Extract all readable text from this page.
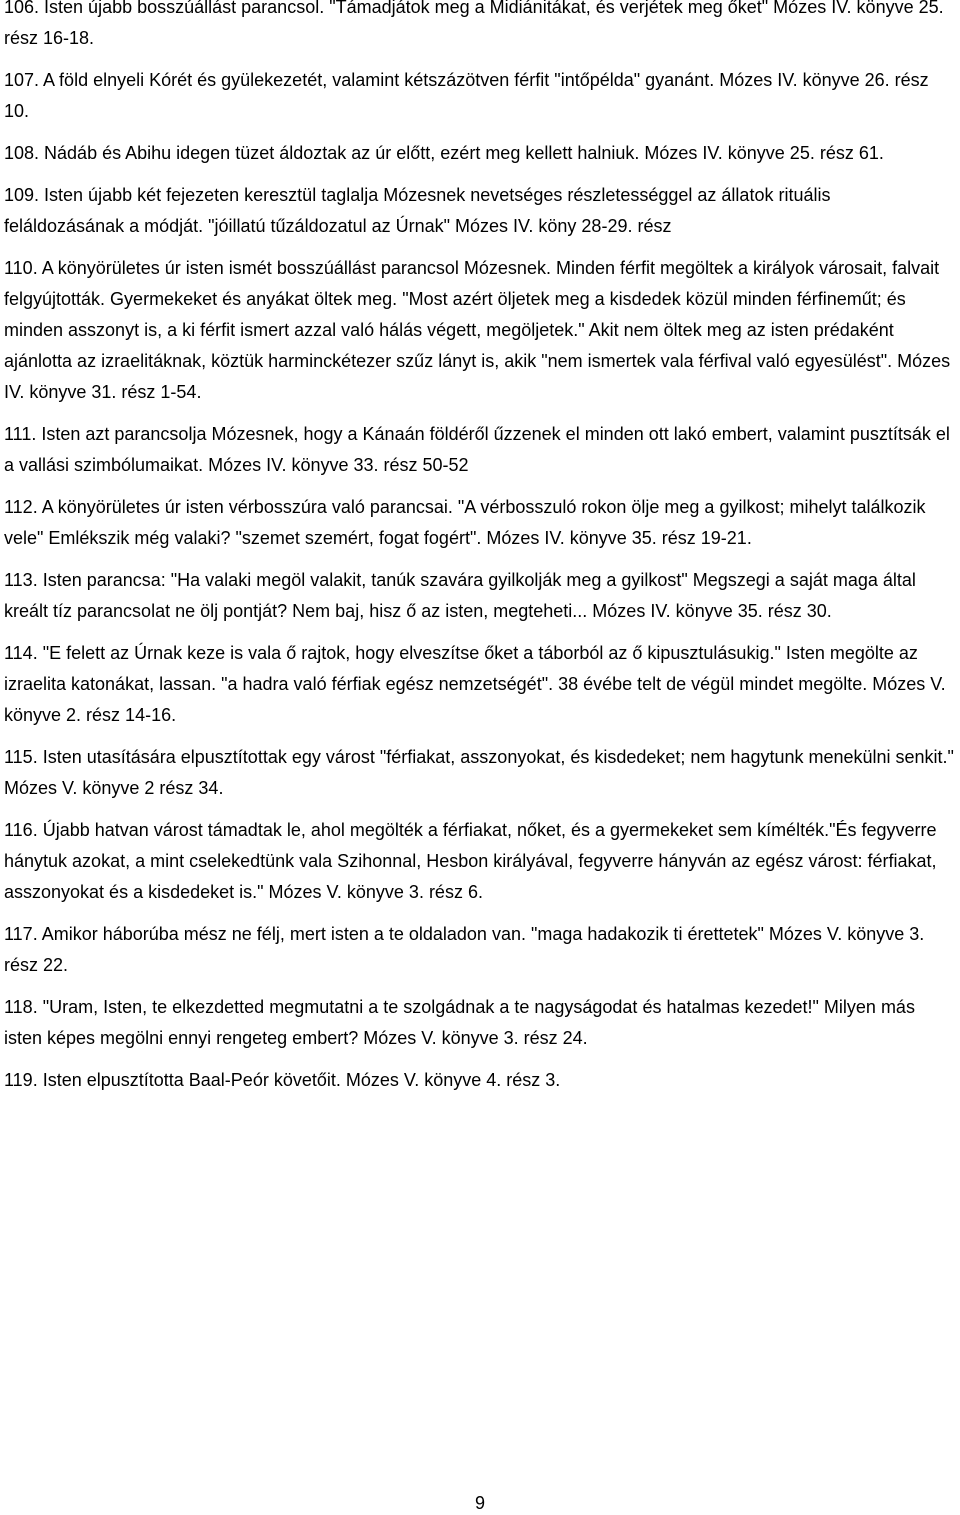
106. Isten újabb bosszúállást parancsol. "Támadjátok meg a Midiánitákat, és verjétek meg őket" Mózes IV. könyve 25. rész 16-18.

107. A föld elnyeli Kórét és gyülekezetét, valamint kétszázötven férfit "intőpélda" gyanánt. Mózes IV. könyve 26. rész 10.

108. Nádáb és Abihu idegen tüzet áldoztak az úr előtt, ezért meg kellett halniuk. Mózes IV. könyve 25. rész 61.

109. Isten újabb két fejezeten keresztül taglalja Mózesnek nevetséges részletességgel az állatok rituális feláldozásának a módját. "jóillatú tűzáldozatul az Úrnak" Mózes IV. köny 28-29. rész

110. A könyörületes úr isten ismét bosszúállást parancsol Mózesnek. Minden férfit megöltek a királyok városait, falvait felgyújtották. Gyermekeket és anyákat öltek meg. "Most azért öljetek meg a kisdedek közül minden férfineműt; és minden asszonyt is, a ki férfit ismert azzal való hálás végett, megöljetek." Akit nem öltek meg az isten prédaként ajánlotta az izraelitáknak, köztük harminckétezer szűz lányt is, akik "nem ismertek vala férfival való egyesülést". Mózes IV. könyve 31. rész 1-54.

111. Isten azt parancsolja Mózesnek, hogy a Kánaán földéről űzzenek el minden ott lakó embert, valamint pusztítsák el a vallási szimbólumaikat. Mózes IV. könyve 33. rész 50-52

112. A könyörületes úr isten vérbosszúra való parancsai. "A vérbosszuló rokon ölje meg a gyilkost; mihelyt találkozik vele" Emlékszik még valaki? "szemet szemért, fogat fogért". Mózes IV. könyve 35. rész 19-21.

113. Isten parancsa: "Ha valaki megöl valakit, tanúk szavára gyilkolják meg a gyilkost" Megszegi a saját maga által kreált tíz parancsolat ne ölj pontját? Nem baj, hisz ő az isten, megteheti... Mózes IV. könyve 35. rész 30.

114. "E felett az Úrnak keze is vala ő rajtok, hogy elveszítse őket a táborból az ő kipusztulásukig." Isten megölte az izraelita katonákat, lassan. "a hadra való férfiak egész nemzetségét". 38 évébe telt de végül mindet megölte. Mózes V. könyve 2. rész 14-16.

115. Isten utasítására elpusztítottak egy várost "férfiakat, asszonyokat, és kisdedeket; nem hagytunk menekülni senkit." Mózes V. könyve 2 rész 34.

116. Újabb hatvan várost támadtak le, ahol megölték a férfiakat, nőket, és a gyermekeket sem kímélték."És fegyverre hánytuk azokat, a mint cselekedtünk vala Szihonnal, Hesbon királyával, fegyverre hányván az egész várost: férfiakat, asszonyokat és a kisdedeket is." Mózes V. könyve 3. rész 6.

117. Amikor háborúba mész ne félj, mert isten a te oldaladon van. "maga hadakozik ti érettetek" Mózes V. könyve 3. rész 22.

118. "Uram, Isten, te elkezdetted megmutatni a te szolgádnak a te nagyságodat és hatalmas kezedet!" Milyen más isten képes megölni ennyi rengeteg embert? Mózes V. könyve 3. rész 24.

119. Isten elpusztította Baal-Peór követőit. Mózes V. könyve 4. rész 3.

9
